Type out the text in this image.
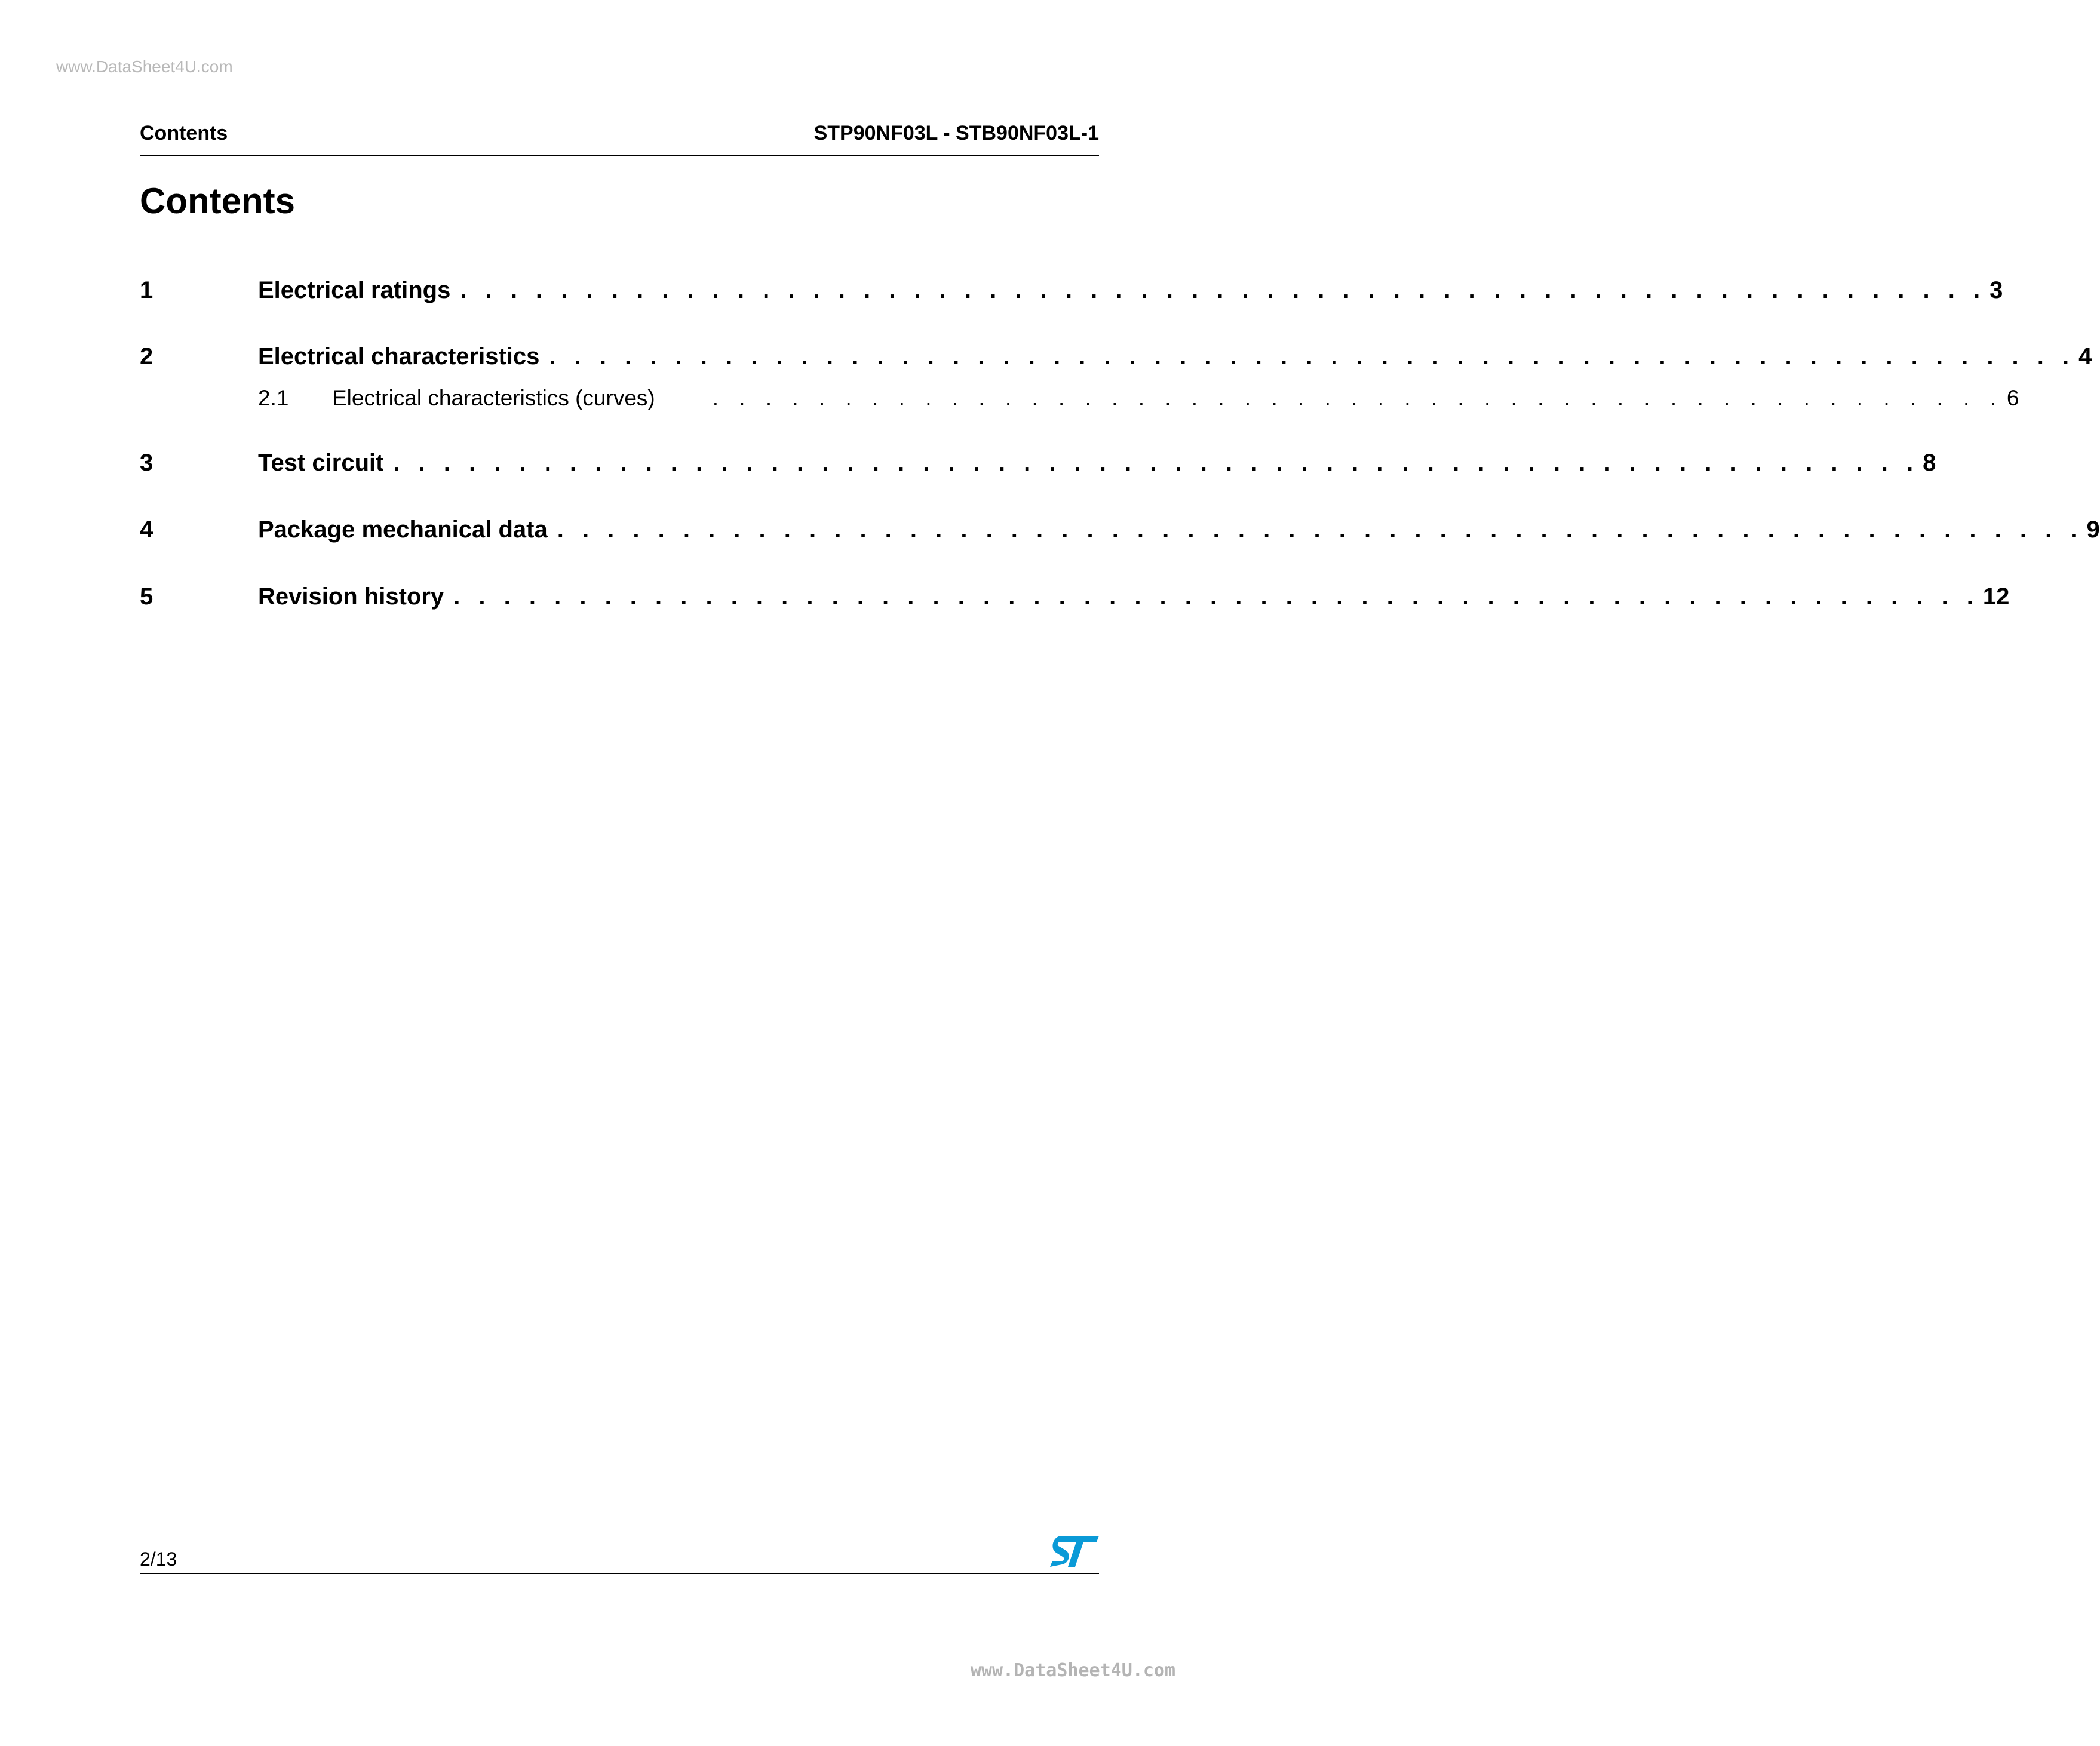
www.DataSheet4U.com
Contents	STP90NF03L - STB90NF03L-1
Contents
1	Electrical ratings . . . . . . . . . . . . . . . . . . . . . . . . . . . . . . . . . . . . . . . . . . . . . . . . . . . . . . . . . . . . . 3
2	Electrical characteristics . . . . . . . . . . . . . . . . . . . . . . . . . . . . . . . . . . . . . . . . . . . . . . . . . . . . . . . . . . . . . 4
2.1	Electrical characteristics (curves)	. . . . . . . . . . . . . . . . . . . . . . . . . . . . . . . . . . . . . . . . . . . . . . . . . 6
3	Test circuit . . . . . . . . . . . . . . . . . . . . . . . . . . . . . . . . . . . . . . . . . . . . . . . . . . . . . . . . . . . . . 8
4	Package mechanical data . . . . . . . . . . . . . . . . . . . . . . . . . . . . . . . . . . . . . . . . . . . . . . . . . . . . . . . . . . . . . 9
5	Revision history . . . . . . . . . . . . . . . . . . . . . . . . . . . . . . . . . . . . . . . . . . . . . . . . . . . . . . . . . . . . . 12
2/13
www.DataSheet4U.com
